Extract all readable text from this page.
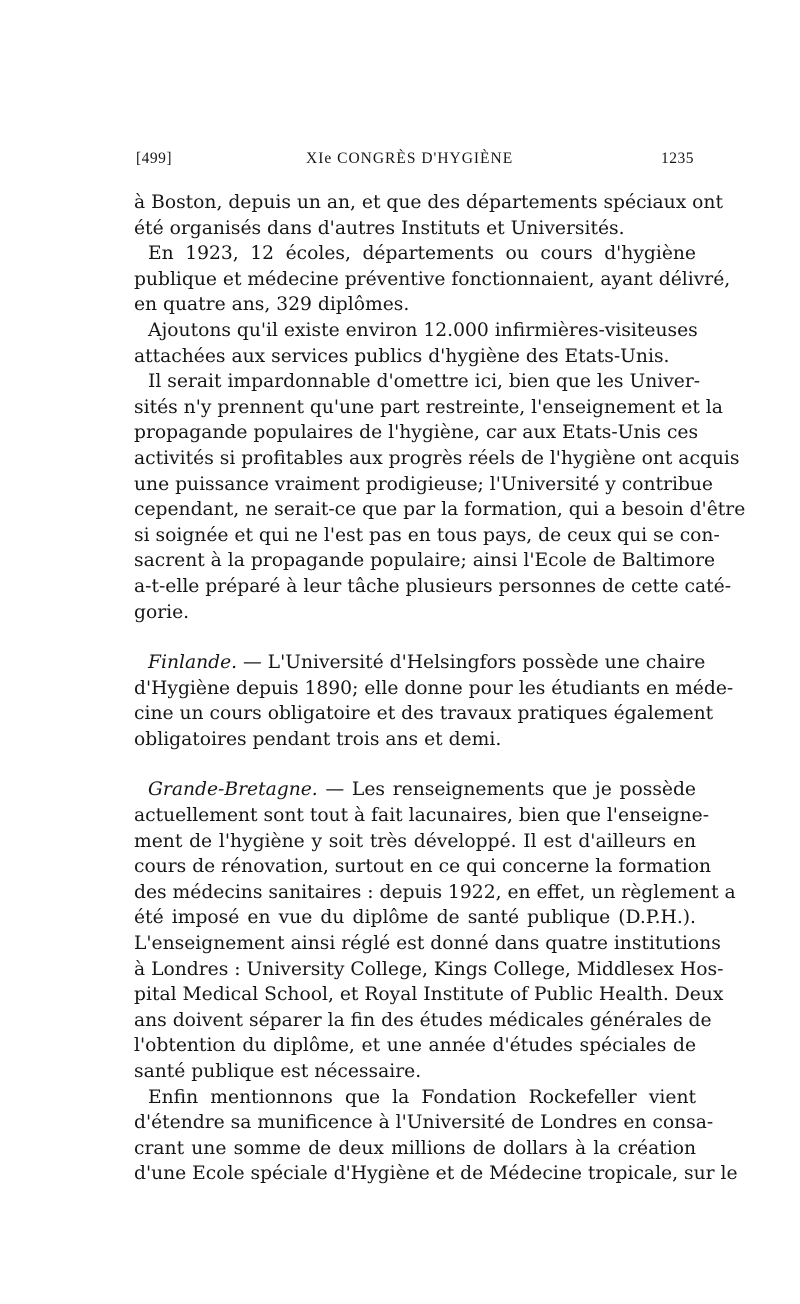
[499]	XIe CONGRÈS D'HYGIÈNE	1235
à Boston, depuis un an, et que des départements spéciaux ont
été organisés dans d'autres Instituts et Universités.
En 1923, 12 écoles, départements ou cours d'hygiène
publique et médecine préventive fonctionnaient, ayant délivré,
en quatre ans, 329 diplômes.
Ajoutons qu'il existe environ 12.000 infirmières-visiteuses
attachées aux services publics d'hygiène des Etats-Unis.
Il serait impardonnable d'omettre ici, bien que les Univer-
sités n'y prennent qu'une part restreinte, l'enseignement et la
propagande populaires de l'hygiène, car aux Etats-Unis ces
activités si profitables aux progrès réels de l'hygiène ont acquis
une puissance vraiment prodigieuse; l'Université y contribue
cependant, ne serait-ce que par la formation, qui a besoin d'être
si soignée et qui ne l'est pas en tous pays, de ceux qui se con-
sacrent à la propagande populaire; ainsi l'Ecole de Baltimore
a-t-elle préparé à leur tâche plusieurs personnes de cette caté-
gorie.
Finlande. — L'Université d'Helsingfors possède une chaire
d'Hygiène depuis 1890; elle donne pour les étudiants en méde-
cine un cours obligatoire et des travaux pratiques également
obligatoires pendant trois ans et demi.
Grande-Bretagne. — Les renseignements que je possède
actuellement sont tout à fait lacunaires, bien que l'enseigne-
ment de l'hygiène y soit très développé. Il est d'ailleurs en
cours de rénovation, surtout en ce qui concerne la formation
des médecins sanitaires : depuis 1922, en effet, un règlement a
été imposé en vue du diplôme de santé publique (D.P.H.).
L'enseignement ainsi réglé est donné dans quatre institutions
à Londres : University College, Kings College, Middlesex Hos-
pital Medical School, et Royal Institute of Public Health. Deux
ans doivent séparer la fin des études médicales générales de
l'obtention du diplôme, et une année d'études spéciales de
santé publique est nécessaire.
Enfin mentionnons que la Fondation Rockefeller vient
d'étendre sa munificence à l'Université de Londres en consa-
crant une somme de deux millions de dollars à la création
d'une Ecole spéciale d'Hygiène et de Médecine tropicale, sur le
